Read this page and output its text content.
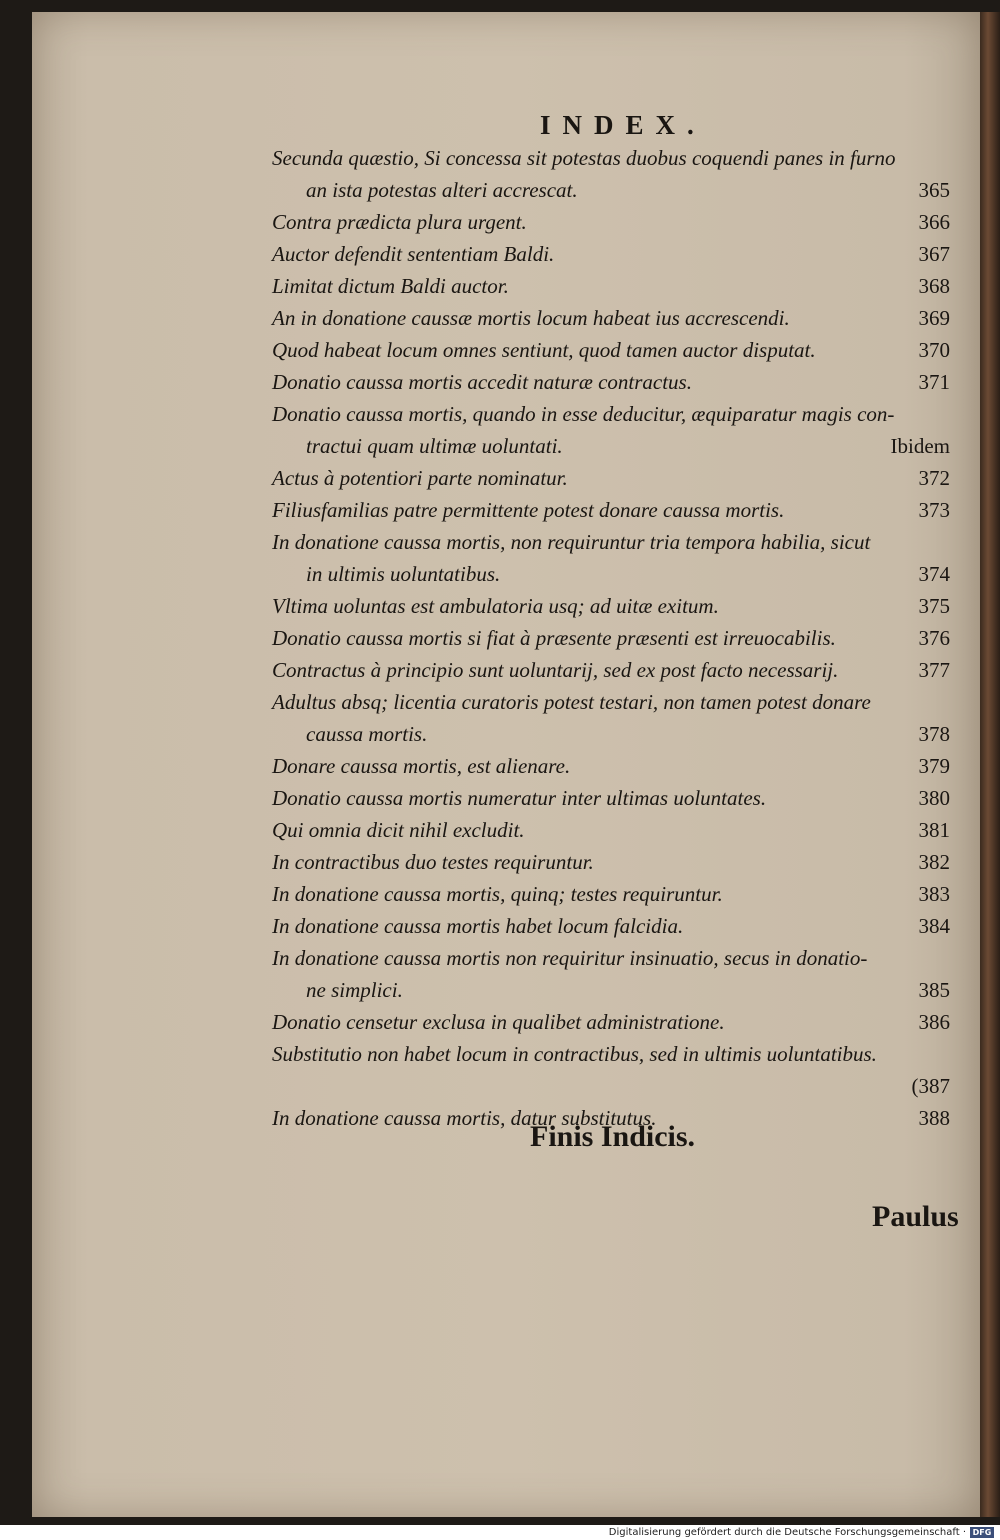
INDEX.
Secunda quæstio, Si concessa sit potestas duobus coquendi panes in furno
an ista potestas alteri accrescat.	365
Contra prædicta plura urgent.	366
Auctor defendit sententiam Baldi.	367
Limitat dictum Baldi auctor.	368
An in donatione caussæ mortis locum habeat ius accrescendi.	369
Quod habeat locum omnes sentiunt, quod tamen auctor disputat.	370
Donatio caussa mortis accedit naturæ contractus.	371
Donatio caussa mortis, quando in esse deducitur, æquiparatur magis con-
tractui quam ultimæ uoluntati.	Ibidem
Actus à potentiori parte nominatur.	372
Filiusfamilias patre permittente potest donare caussa mortis.	373
In donatione caussa mortis, non requiruntur tria tempora habilia, sicut
in ultimis uoluntatibus.	374
Vltima uoluntas est ambulatoria usq; ad uitæ exitum.	375
Donatio caussa mortis si fiat à præsente præsenti est irreuocabilis.	376
Contractus à principio sunt uoluntarij, sed ex post facto necessarij.	377
Adultus absq; licentia curatoris potest testari, non tamen potest donare
caussa mortis.	378
Donare caussa mortis, est alienare.	379
Donatio caussa mortis numeratur inter ultimas uoluntates.	380
Qui omnia dicit nihil excludit.	381
In contractibus duo testes requiruntur.	382
In donatione caussa mortis, quinq; testes requiruntur.	383
In donatione caussa mortis habet locum falcidia.	384
In donatione caussa mortis non requiritur insinuatio, secus in donatio-
ne simplici.	385
Donatio censetur exclusa in qualibet administratione.	386
Substitutio non habet locum in contractibus, sed in ultimis uoluntatibus.
(387
In donatione caussa mortis, datur substitutus.	388
Finis Indicis.
Paulus
Digitalisierung gefördert durch die Deutsche Forschungsgemeinschaft · DFG
